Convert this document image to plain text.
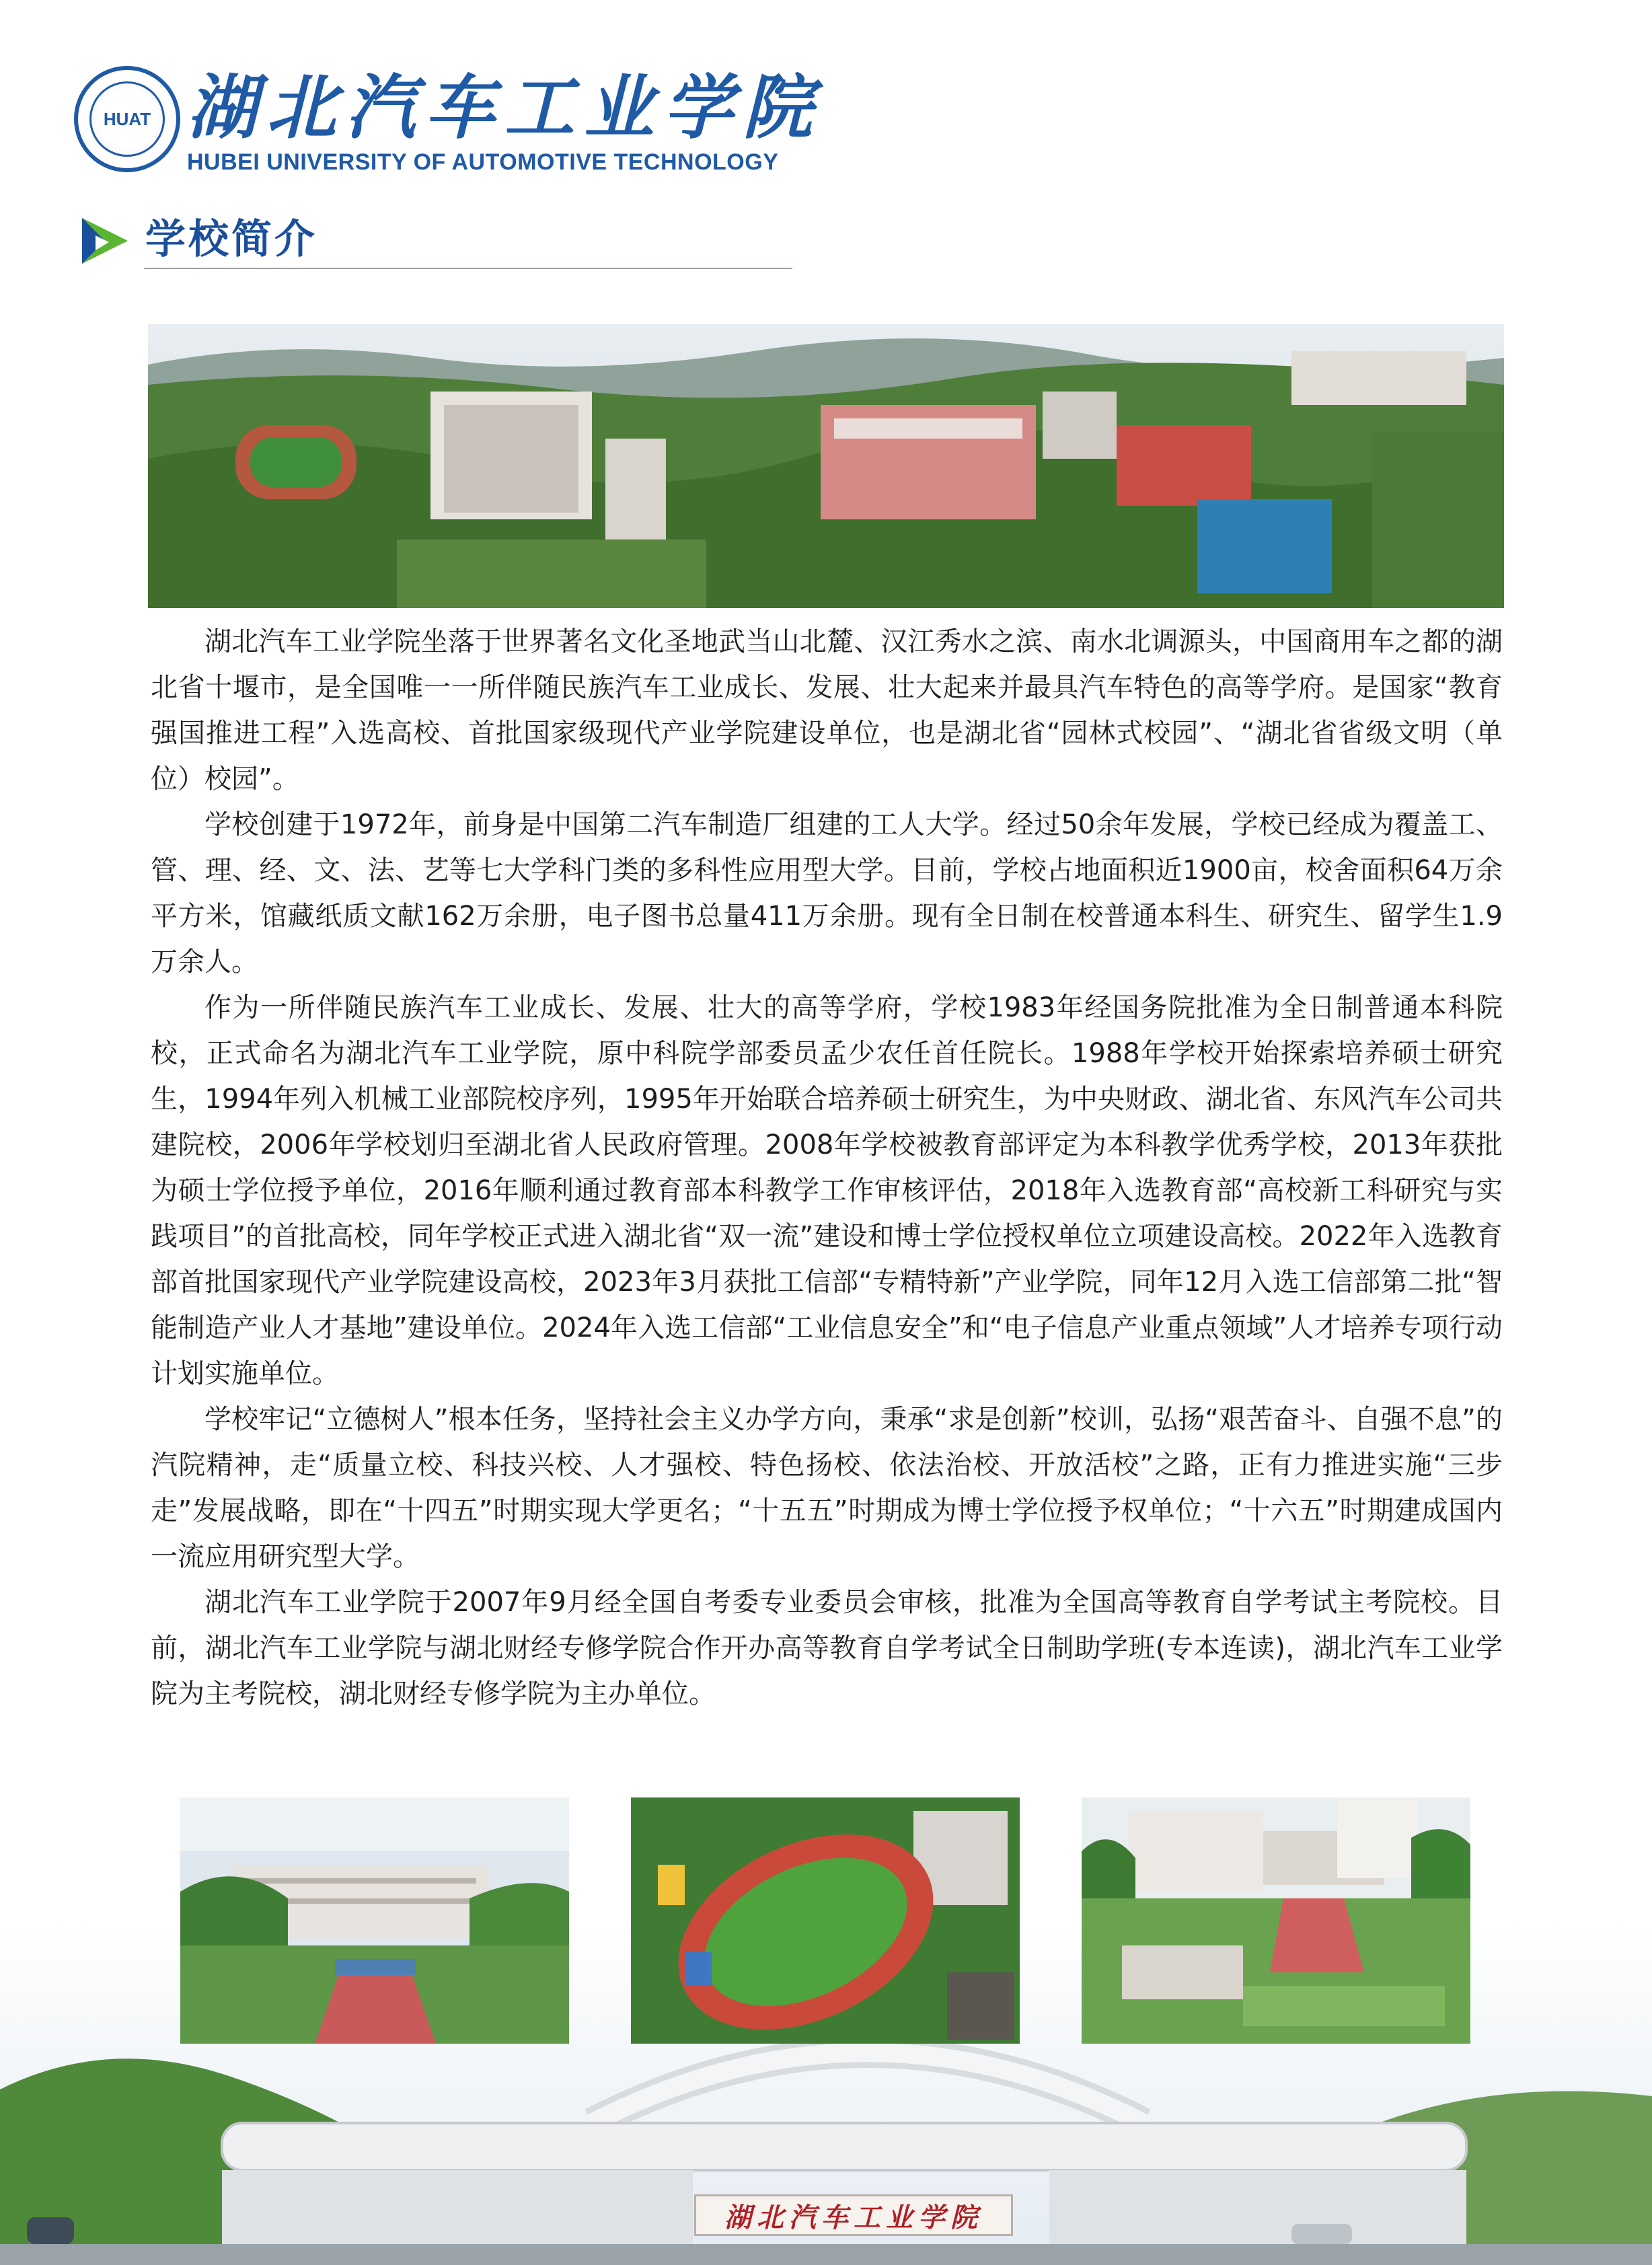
HUAT 湖北汽车工业学院
HUBEI UNIVERSITY OF AUTOMOTIVE TECHNOLOGY
学校简介

湖北汽车工业学院坐落于世界著名文化圣地武当山北麓、汉江秀水之滨、南水北调源头，中国商用车之都的湖北省十堰市，是全国唯一一所伴随民族汽车工业成长、发展、壮大起来并最具汽车特色的高等学府。是国家“教育强国推进工程”入选高校、首批国家级现代产业学院建设单位，也是湖北省“园林式校园”、“湖北省省级文明（单位）校园”。

学校创建于1972年，前身是中国第二汽车制造厂组建的工人大学。经过50余年发展，学校已经成为覆盖工、管、理、经、文、法、艺等七大学科门类的多科性应用型大学。目前，学校占地面积近1900亩，校舍面积64万余平方米，馆藏纸质文献162万余册，电子图书总量411万余册。现有全日制在校普通本科生、研究生、留学生1.9万余人。

作为一所伴随民族汽车工业成长、发展、壮大的高等学府，学校1983年经国务院批准为全日制普通本科院校，正式命名为湖北汽车工业学院，原中科院学部委员孟少农任首任院长。1988年学校开始探索培养硕士研究生，1994年列入机械工业部院校序列，1995年开始联合培养硕士研究生，为中央财政、湖北省、东风汽车公司共建院校，2006年学校划归至湖北省人民政府管理。2008年学校被教育部评定为本科教学优秀学校，2013年获批为硕士学位授予单位，2016年顺利通过教育部本科教学工作审核评估，2018年入选教育部“高校新工科研究与实践项目”的首批高校，同年学校正式进入湖北省“双一流”建设和博士学位授权单位立项建设高校。2022年入选教育部首批国家现代产业学院建设高校，2023年3月获批工信部“专精特新”产业学院，同年12月入选工信部第二批“智能制造产业人才基地”建设单位。2024年入选工信部“工业信息安全”和“电子信息产业重点领域”人才培养专项行动计划实施单位。

学校牢记“立德树人”根本任务，坚持社会主义办学方向，秉承“求是创新”校训，弘扬“艰苦奋斗、自强不息”的汽院精神，走“质量立校、科技兴校、人才强校、特色扬校、依法治校、开放活校”之路，正有力推进实施“三步走”发展战略，即在“十四五”时期实现大学更名；“十五五”时期成为博士学位授予权单位；“十六五”时期建成国内一流应用研究型大学。

湖北汽车工业学院于2007年9月经全国自考委专业委员会审核，批准为全国高等教育自学考试主考院校。目前，湖北汽车工业学院与湖北财经专修学院合作开办高等教育自学考试全日制助学班(专本连读)，湖北汽车工业学院为主考院校，湖北财经专修学院为主办单位。

湖北汽车工业学院
